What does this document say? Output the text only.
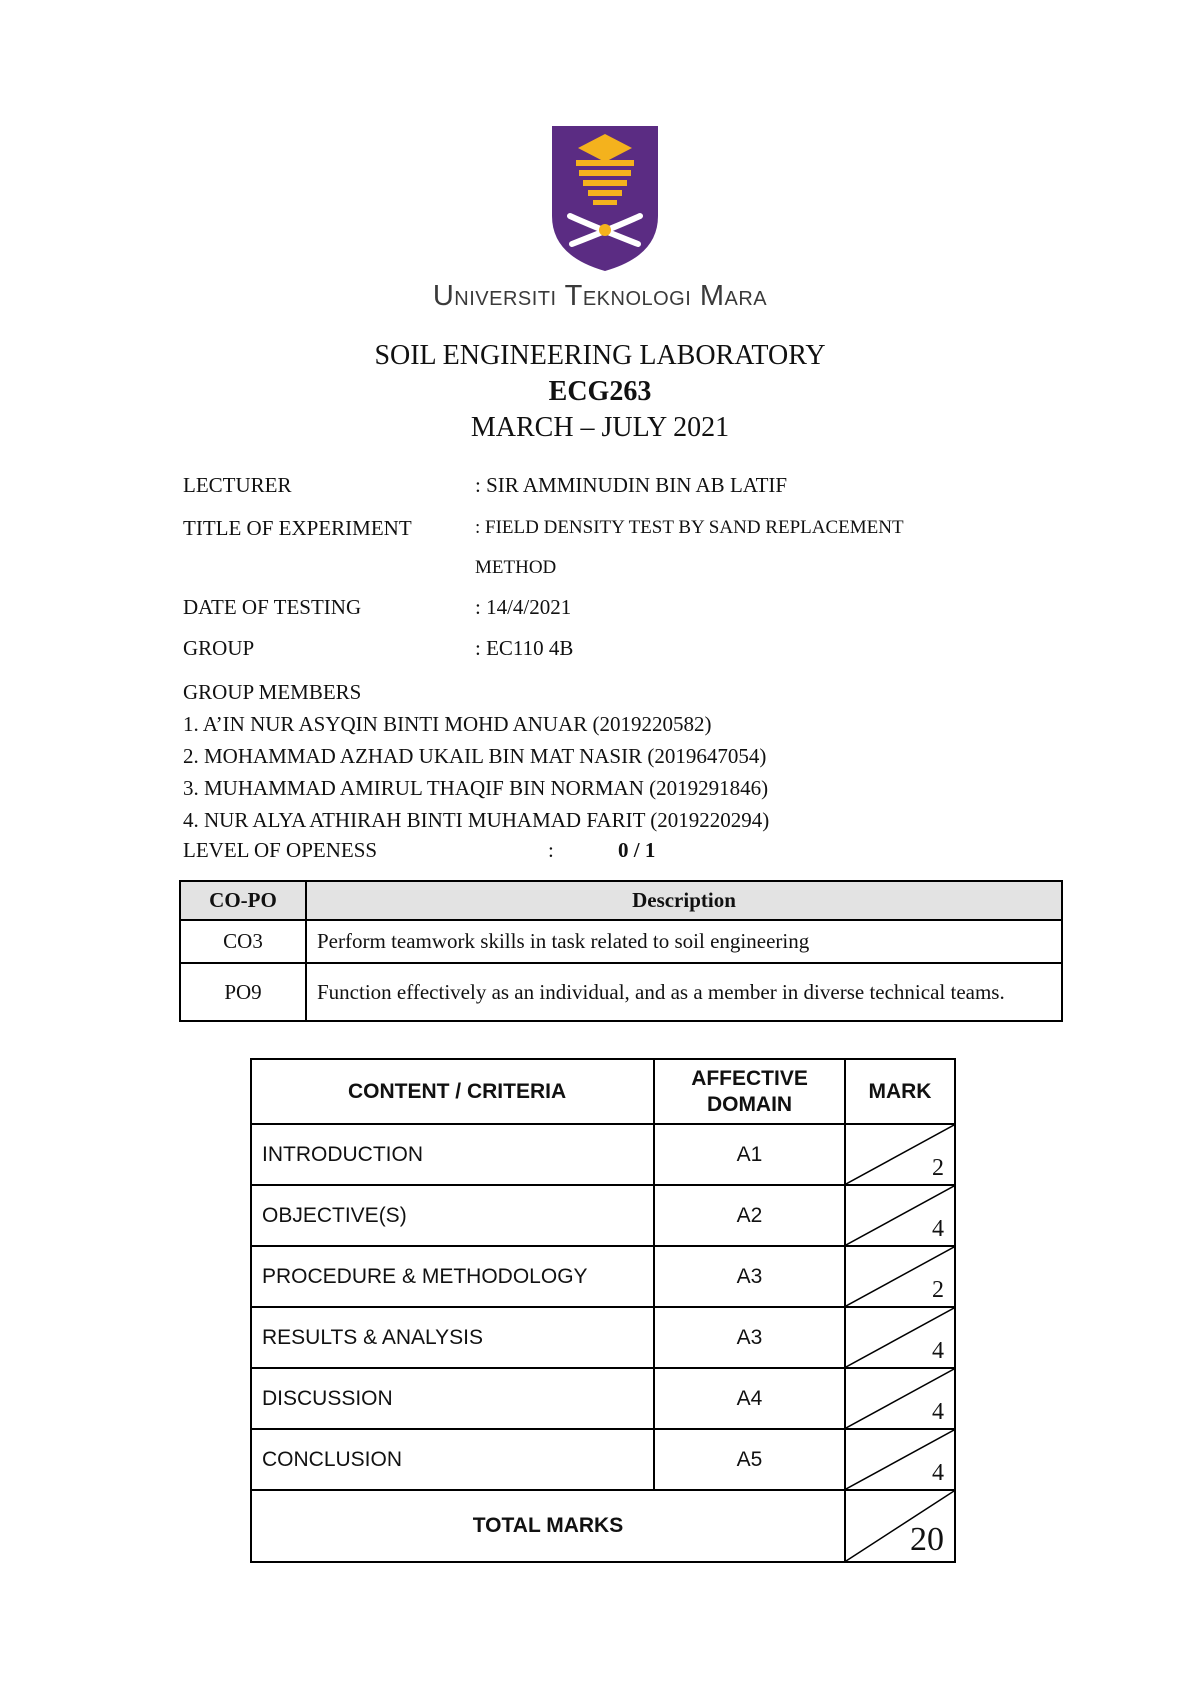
Universiti Teknologi Mara
SOIL ENGINEERING LABORATORY
ECG263
MARCH – JULY 2021
LECTURER	: SIR AMMINUDIN BIN AB LATIF
TITLE OF EXPERIMENT	: FIELD DENSITY TEST BY SAND REPLACEMENT
METHOD
DATE OF TESTING	: 14/4/2021
GROUP	: EC110 4B
GROUP MEMBERS
1. A’IN NUR ASYQIN BINTI MOHD ANUAR (2019220582)
2. MOHAMMAD AZHAD UKAIL BIN MAT NASIR (2019647054)
3. MUHAMMAD AMIRUL THAQIF BIN NORMAN (2019291846)
4. NUR ALYA ATHIRAH BINTI MUHAMAD FARIT (2019220294)
LEVEL OF OPENESS	:	0 / 1
CO-PO	Description
CO3	Perform teamwork skills in task related to soil engineering
PO9	Function effectively as an individual, and as a member in diverse technical teams.
CONTENT / CRITERIA	AFFECTIVE DOMAIN	MARK
INTRODUCTION	A1	2

OBJECTIVE(S)	A2	4

PROCEDURE & METHODOLOGY	A3	2

RESULTS & ANALYSIS	A3	4

DISCUSSION	A4	4

CONCLUSION	A5	4

TOTAL MARKS		20
